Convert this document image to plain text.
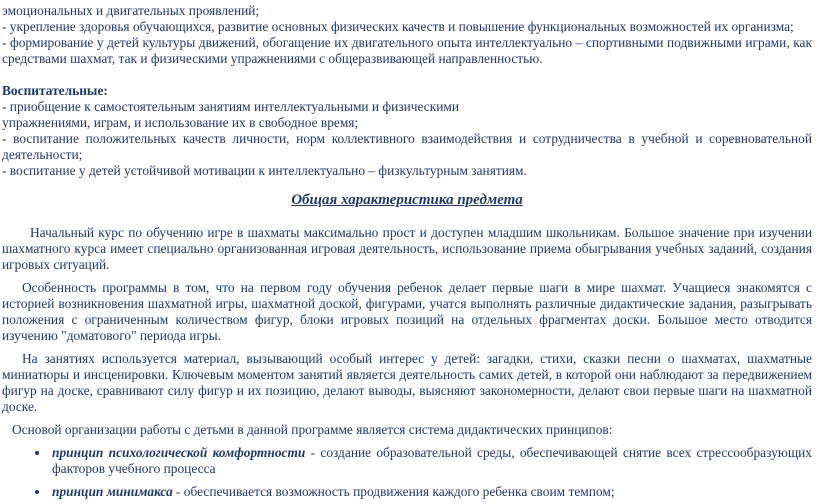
эмоциональных и двигательных проявлений;

- укрепление здоровья обучающихся, развитие основных физических качеств и повышение функциональных возможностей их организма;

- формирование у детей культуры движений, обогащение их двигательного опыта интеллектуально – спортивными подвижными играми, как средствами шахмат, так и физическими упражнениями с общеразвивающей направленностью.

Воспитательные:

- приобщение к самостоятельным занятиям интеллектуальными и физическими

упражнениями, играм, и использование их в свободное время;

- воспитание положительных качеств личности, норм коллективного взаимодействия и сотрудничества в учебной и соревновательной деятельности;

- воспитание у детей устойчивой мотивации к интеллектуально – физкультурным занятиям.

Общая характеристика предмета

Начальный курс по обучению игре в шахматы максимально прост и доступен младшим школьникам. Большое значение при изучении шахматного курса имеет специально организованная игровая деятельность, использование приема обыгрывания учебных заданий, создания игровых ситуаций.

Особенность программы в том, что на первом году обучения ребенок делает первые шаги в мире шахмат. Учащиеся знакомятся с историей возникновения шахматной игры, шахматной доской, фигурами, учатся выполнять различные дидактические задания, разыгрывать положения с ограниченным количеством фигур, блоки игровых позиций на отдельных фрагментах доски. Большое место отводится изучению "доматового" периода игры.

На занятиях используется материал, вызывающий особый интерес у детей: загадки, стихи, сказки песни о шахматах, шахматные миниатюры и инсценировки. Ключевым моментом занятий является деятельность самих детей, в которой они наблюдают за передвижением фигур на доске, сравнивают силу фигур и их позицию, делают выводы, выясняют закономерности, делают свои первые шаги на шахматной доске.

Основой организации работы с детьми в данной программе является система дидактических принципов:

• принцип психологической комфортности - создание образовательной среды, обеспечивающей снятие всех стрессообразующих факторов учебного процесса
• принцип минимакса - обеспечивается возможность продвижения каждого ребенка своим темпом;
